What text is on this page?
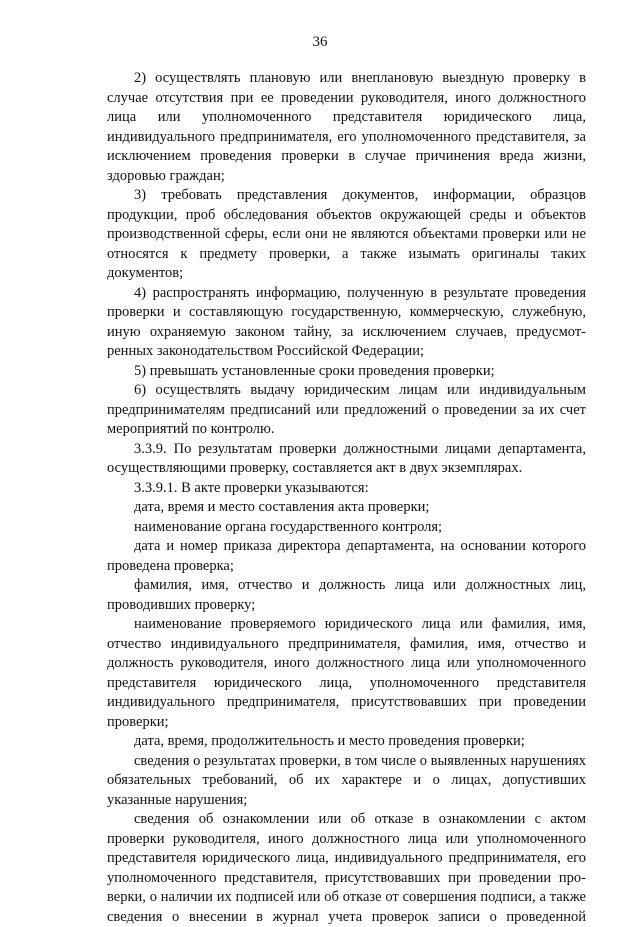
36

2) осуществлять плановую или внеплановую выездную проверку в случае отсутствия при ее проведении руководителя, иного должностного лица или уполномоченного представителя юридического лица, индивидуального предпринимателя, его уполномоченного представителя, за исключением проведения проверки в случае причинения вреда жизни, здоровью граждан;

3) требовать представления документов, информации, образцов продукции, проб обследования объектов окружающей среды и объектов производственной сферы, если они не являются объектами проверки или не относятся к предмету проверки, а также изымать оригиналы таких документов;

4) распространять информацию, полученную в результате проведения проверки и составляющую государственную, коммерческую, служебную, иную охраняемую законом тайну, за исключением случаев, предусмот-ренных законодательством Российской Федерации;

5) превышать установленные сроки проведения проверки;

6) осуществлять выдачу юридическим лицам или индивидуальным предпринимателям предписаний или предложений о проведении за их счет мероприятий по контролю.

3.3.9. По результатам проверки должностными лицами департамента, осуществляющими проверку, составляется акт в двух экземплярах.

3.3.9.1. В акте проверки указываются:

дата, время и место составления акта проверки;

наименование органа государственного контроля;

дата и номер приказа директора департамента, на основании которого проведена проверка;

фамилия, имя, отчество и должность лица или должностных лиц, проводивших проверку;

наименование проверяемого юридического лица или фамилия, имя, отчество индивидуального предпринимателя, фамилия, имя, отчество и должность руководителя, иного должностного лица или уполномоченного представителя юридического лица, уполномоченного представителя индивидуального предпринимателя, присутствовавших при проведении проверки;

дата, время, продолжительность и место проведения проверки;

сведения о результатах проверки, в том числе о выявленных нарушениях обязательных требований, об их характере и о лицах, допустивших указанные нарушения;

сведения об ознакомлении или об отказе в ознакомлении с актом проверки руководителя, иного должностного лица или уполномоченного представителя юридического лица, индивидуального предпринимателя, его уполномоченного представителя, присутствовавших при проведении про-верки, о наличии их подписей или об отказе от совершения подписи, а также сведения о внесении в журнал учета проверок записи о проведенной
